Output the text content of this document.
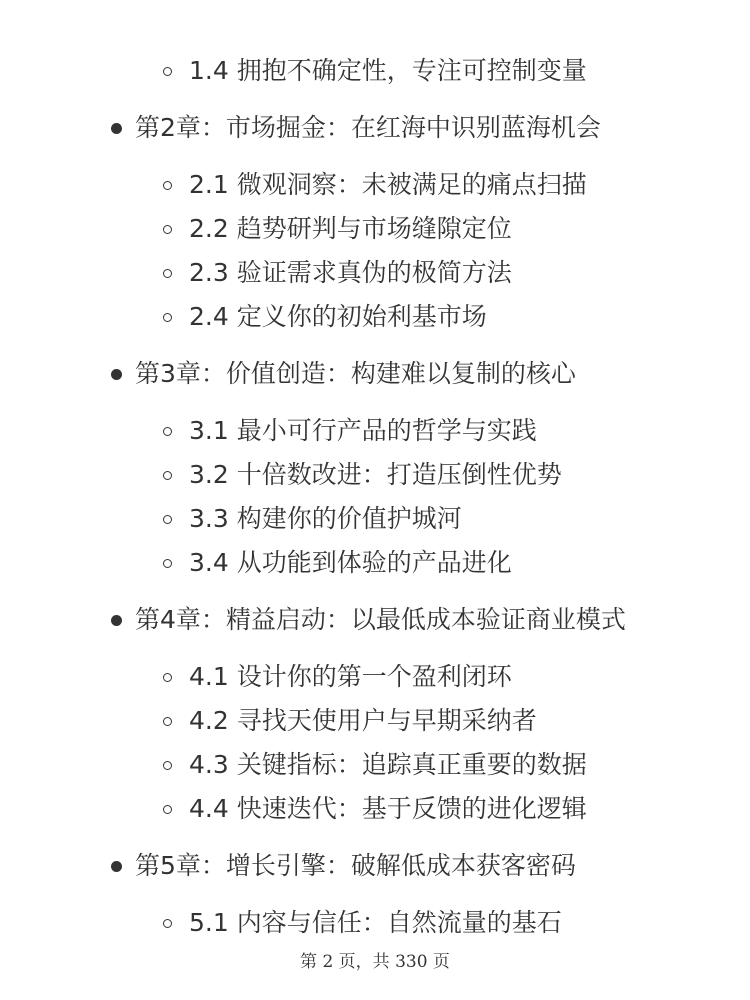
1.4 拥抱不确定性，专注可控制变量
第2章：市场掘金：在红海中识别蓝海机会
2.1 微观洞察：未被满足的痛点扫描
2.2 趋势研判与市场缝隙定位
2.3 验证需求真伪的极简方法
2.4 定义你的初始利基市场
第3章：价值创造：构建难以复制的核心
3.1 最小可行产品的哲学与实践
3.2 十倍数改进：打造压倒性优势
3.3 构建你的价值护城河
3.4 从功能到体验的产品进化
第4章：精益启动：以最低成本验证商业模式
4.1 设计你的第一个盈利闭环
4.2 寻找天使用户与早期采纳者
4.3 关键指标：追踪真正重要的数据
4.4 快速迭代：基于反馈的进化逻辑
第5章：增长引擎：破解低成本获客密码
5.1 内容与信任：自然流量的基石
第 2 页，共 330 页
